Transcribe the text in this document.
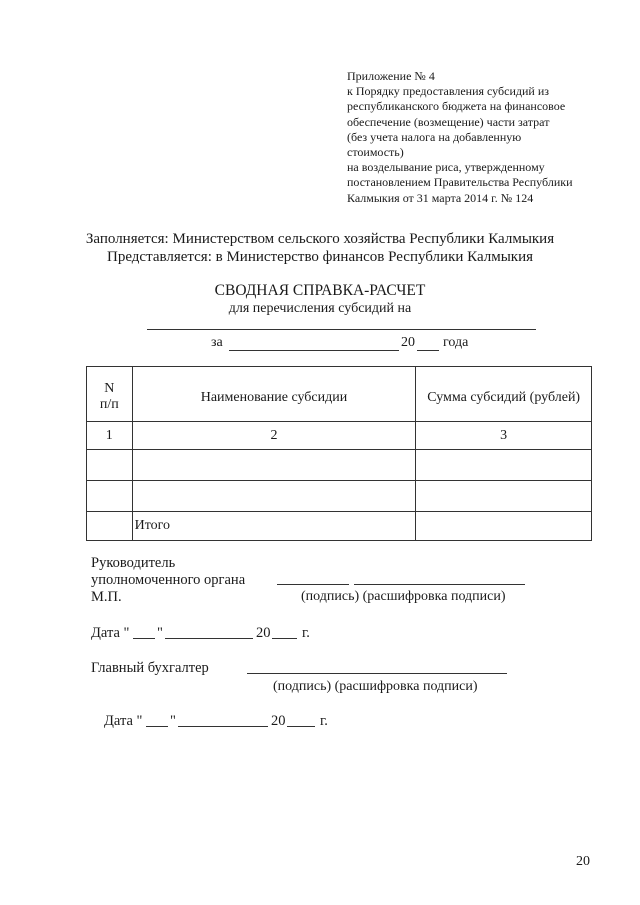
Приложение № 4
к Порядку предоставления субсидий из
республиканского бюджета на финансовое
обеспечение (возмещение) части затрат
(без учета налога на добавленную
стоимость)
на возделывание риса, утвержденному
постановлением Правительства Республики
Калмыкия от 31 марта 2014 г. № 124
Заполняется: Министерством сельского хозяйства Республики Калмыкия
Представляется: в Министерство финансов Республики Калмыкия
СВОДНАЯ СПРАВКА-РАСЧЕТ
для перечисления субсидий на
за	20 года
N
п/п	Наименование субсидии	Сумма субсидий (рублей)
1	2	3

	Итого	
Руководитель
уполномоченного органа
М.П.	(подпись) (расшифровка подписи)
Дата " "	20 г.
Главный бухгалтер
(подпись) (расшифровка подписи)
Дата " "	20 г.
20
